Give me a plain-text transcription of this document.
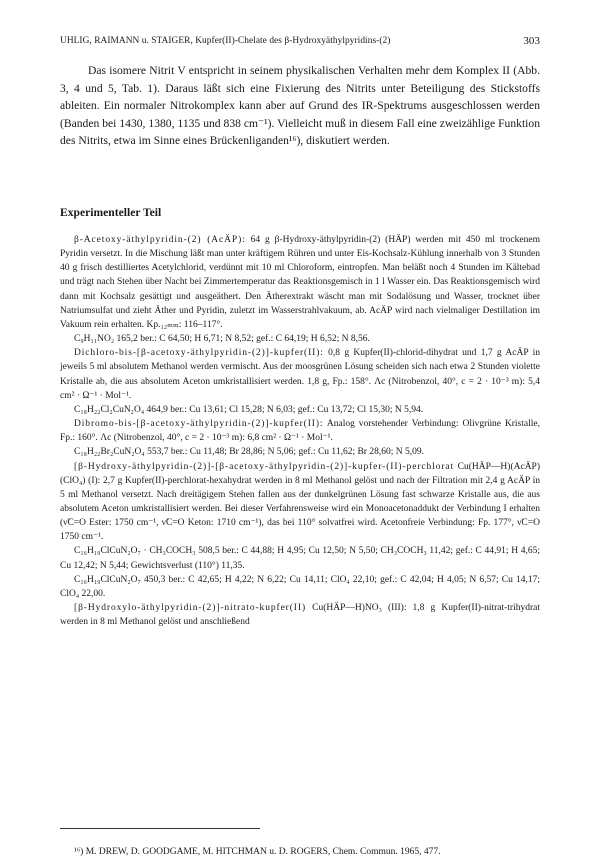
UHLIG, RAIMANN u. STAIGER, Kupfer(II)-Chelate des β-Hydroxyäthylpyridins-(2)	303

Das isomere Nitrit V entspricht in seinem physikalischen Verhalten mehr dem Komplex II (Abb. 3, 4 und 5, Tab. 1). Daraus läßt sich eine Fixierung des Nitrits unter Beteiligung des Stickstoffs ableiten. Ein normaler Nitrokomplex kann aber auf Grund des IR-Spektrums ausgeschlossen werden (Banden bei 1430, 1380, 1135 und 838 cm⁻¹). Vielleicht muß in diesem Fall eine zweizählige Funktion des Nitrits, etwa im Sinne eines Brückenliganden¹⁶), diskutiert werden.

Experimenteller Teil

β-Acetoxy-äthylpyridin-(2) (AcÄP): 64 g β-Hydroxy-äthylpyridin-(2) (HÄP) werden mit 450 ml trockenem Pyridin versetzt. In die Mischung läßt man unter kräftigem Rühren und unter Eis-Kochsalz-Kühlung innerhalb von 3 Stunden 40 g frisch destilliertes Acetylchlorid, verdünnt mit 10 ml Chloroform, eintropfen. Man beläßt noch 4 Stunden im Kältebad und trägt nach Stehen über Nacht bei Zimmertemperatur das Reaktionsgemisch in 1 l Wasser ein. Das Reaktionsgemisch wird dann mit Kochsalz gesättigt und ausgeäthert. Den Ätherextrakt wäscht man mit Sodalösung und Wasser, trocknet über Natriumsulfat und zieht Äther und Pyridin, zuletzt im Wasserstrahlvakuum, ab. AcÄP wird nach vielmaliger Destillation im Vakuum rein erhalten. Kp.₁₂ₘₘ: 116–117°.

C₉H₁₁NO₂ 165,2 ber.: C 64,50; H 6,71; N 8,52; gef.: C 64,19; H 6,52; N 8,56.

Dichloro-bis-[β-acetoxy-äthylpyridin-(2)]-kupfer(II): 0,8 g Kupfer(II)-chlorid-dihydrat und 1,7 g AcÄP in jeweils 5 ml absolutem Methanol werden vermischt. Aus der moosgrünen Lösung scheiden sich nach etwa 2 Stunden violette Kristalle ab, die aus absolutem Aceton umkristallisiert werden. 1,8 g, Fp.: 158°. Λc (Nitrobenzol, 40°, c = 2 · 10⁻³ m): 5,4 cm² · Ω⁻¹ · Mol⁻¹.

C₁₈H₂₂Cl₂CuN₂O₄ 464,9 ber.: Cu 13,61; Cl 15,28; N 6,03; gef.: Cu 13,72; Cl 15,30; N 5,94.

Dibromo-bis-[β-acetoxy-äthylpyridin-(2)]-kupfer(II): Analog vorstehender Verbindung: Olivgrüne Kristalle, Fp.: 160°. Λc (Nitrobenzol, 40°, c = 2 · 10⁻³ m): 6,8 cm² · Ω⁻¹ · Mol⁻¹.

C₁₈H₂₂Br₂CuN₂O₄ 553,7 ber.: Cu 11,48; Br 28,86; N 5,06; gef.: Cu 11,62; Br 28,60; N 5,09.

[β-Hydroxy-äthylpyridin-(2)]-[β-acetoxy-äthylpyridin-(2)]-kupfer-(II)-perchlorat Cu(HÄP—H)(AcÄP)(ClO₄) (I): 2,7 g Kupfer(II)-perchlorat-hexahydrat werden in 8 ml Methanol gelöst und nach der Filtration mit 2,4 g AcÄP in 5 ml Methanol versetzt. Nach dreitägigem Stehen fallen aus der dunkelgrünen Lösung fast schwarze Kristalle aus, die aus absolutem Aceton umkristallisiert werden. Bei dieser Verfahrensweise wird ein Monoacetonaddukt der Verbindung I erhalten (ν̃C=O Ester: 1750 cm⁻¹, ν̃C=O Keton: 1710 cm⁻¹), das bei 110° solvatfrei wird. Acetonfreie Verbindung: Fp. 177°, ν̃C=O 1750 cm⁻¹.

C₁₆H₁₉ClCuN₂O₇ · CH₃COCH₃ 508,5 ber.: C 44,88; H 4,95; Cu 12,50; N 5,50; CH₃COCH₃ 11,42; gef.: C 44,91; H 4,65; Cu 12,42; N 5,44; Gewichtsverlust (110°) 11,35.

C₁₆H₁₉ClCuN₂O₇ 450,3 ber.: C 42,65; H 4,22; N 6,22; Cu 14,11; ClO₄ 22,10; gef.: C 42,04; H 4,05; N 6,57; Cu 14,17; ClO₄ 22,00.

[β-Hydroxylo-äthylpyridin-(2)]-nitrato-kupfer(II) Cu(HÄP—H)NO₃ (III): 1,8 g Kupfer(II)-nitrat-trihydrat werden in 8 ml Methanol gelöst und anschließend

¹⁶) M. DREW, D. GOODGAME, M. HITCHMAN u. D. ROGERS, Chem. Commun. 1965, 477.
